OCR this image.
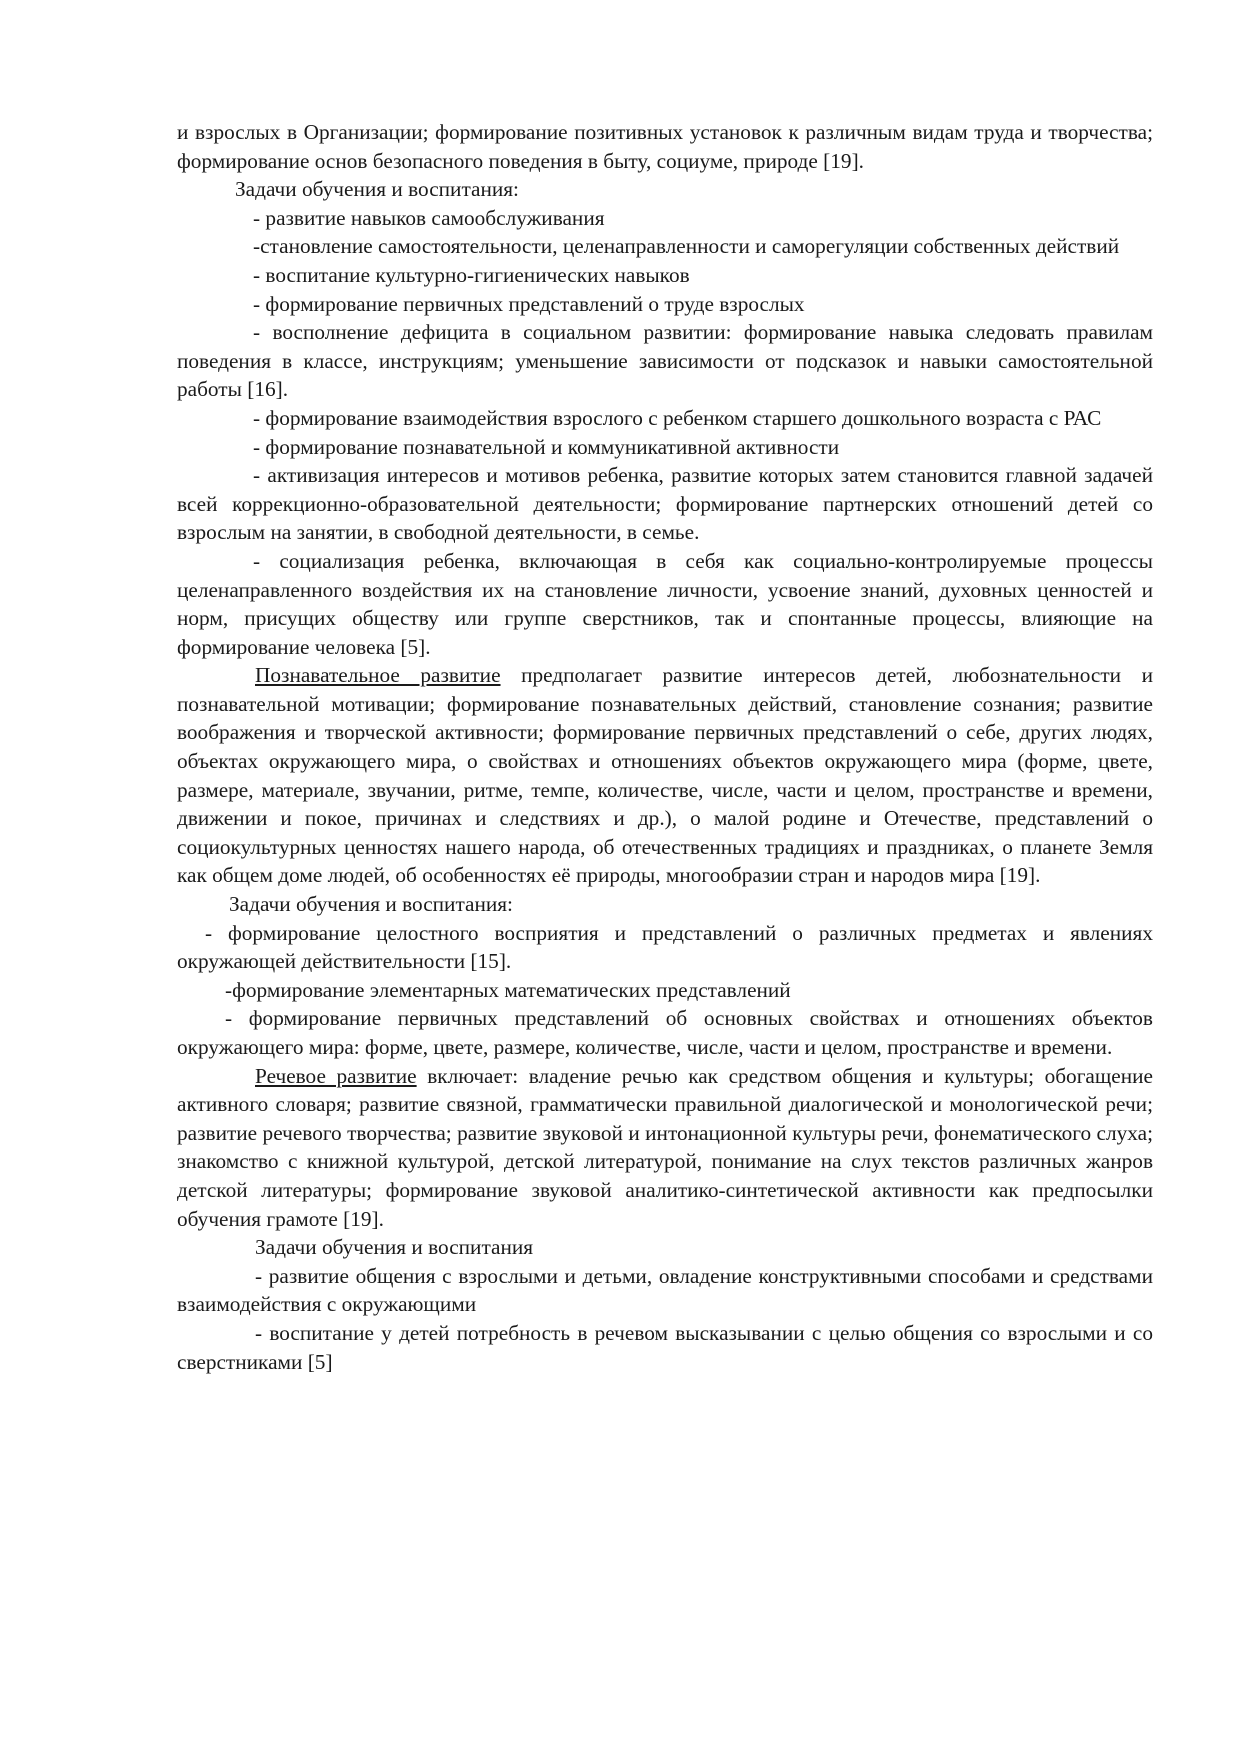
и взрослых в Организации; формирование позитивных установок к различным видам труда и творчества; формирование основ безопасного поведения в быту, социуме, природе [19].

Задачи обучения и воспитания:

- развитие навыков самообслуживания

-становление самостоятельности, целенаправленности и саморегуляции собственных действий

- воспитание культурно-гигиенических навыков

- формирование первичных представлений о труде взрослых

- восполнение дефицита в социальном развитии: формирование навыка следовать правилам поведения в классе, инструкциям; уменьшение зависимости от подсказок и навыки самостоятельной работы [16].

- формирование взаимодействия взрослого с ребенком старшего дошкольного возраста с РАС

- формирование познавательной и коммуникативной активности

- активизация интересов и мотивов ребенка, развитие которых затем становится главной задачей всей коррекционно-образовательной деятельности; формирование партнерских отношений детей со взрослым на занятии, в свободной деятельности, в семье.

- социализация ребенка, включающая в себя как социально-контролируемые процессы целенаправленного воздействия их на становление личности, усвоение знаний, духовных ценностей и норм, присущих обществу или группе сверстников, так и спонтанные процессы, влияющие на формирование человека [5].

Познавательное развитие предполагает развитие интересов детей, любознательности и познавательной мотивации; формирование познавательных действий, становление сознания; развитие воображения и творческой активности; формирование первичных представлений о себе, других людях, объектах окружающего мира, о свойствах и отношениях объектов окружающего мира (форме, цвете, размере, материале, звучании, ритме, темпе, количестве, числе, части и целом, пространстве и времени, движении и покое, причинах и следствиях и др.), о малой родине и Отечестве, представлений о социокультурных ценностях нашего народа, об отечественных традициях и праздниках, о планете Земля как общем доме людей, об особенностях её природы, многообразии стран и народов мира [19].

Задачи обучения и воспитания:

- формирование целостного восприятия и представлений о различных предметах и явлениях окружающей действительности [15].

-формирование элементарных математических представлений

- формирование первичных представлений об основных свойствах и отношениях объектов окружающего мира: форме, цвете, размере, количестве, числе, части и целом, пространстве и времени.

Речевое развитие включает: владение речью как средством общения и культуры; обогащение активного словаря; развитие связной, грамматически правильной диалогической и монологической речи; развитие речевого творчества; развитие звуковой и интонационной культуры речи, фонематического слуха; знакомство с книжной культурой, детской литературой, понимание на слух текстов различных жанров детской литературы; формирование звуковой аналитико-синтетической активности как предпосылки обучения грамоте [19].

Задачи обучения и воспитания

- развитие общения с взрослыми и детьми, овладение конструктивными способами и средствами взаимодействия с окружающими

- воспитание у детей потребность в речевом высказывании с целью общения со взрослыми и со сверстниками [5]
